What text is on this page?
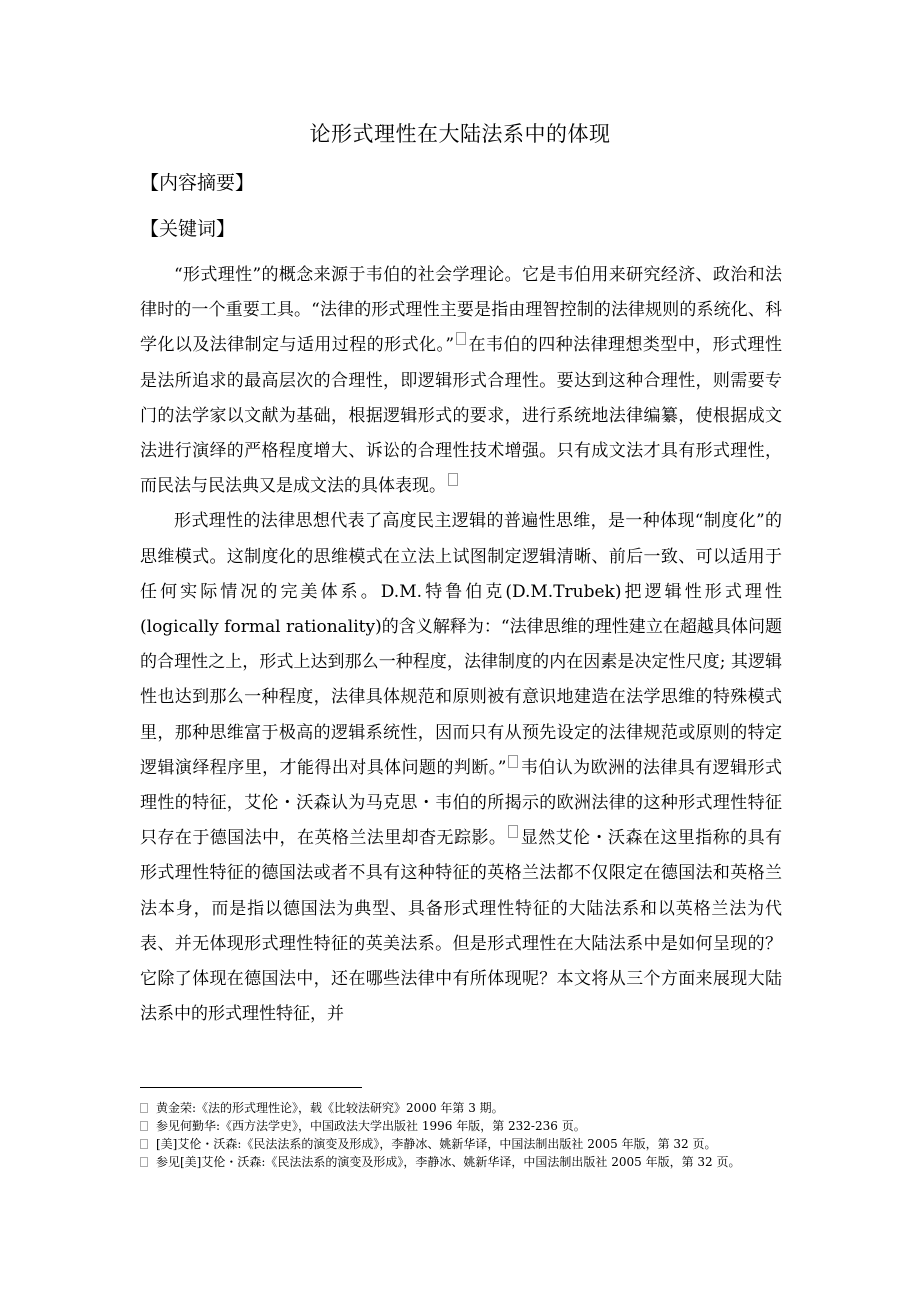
论形式理性在大陆法系中的体现
【内容摘要】
【关键词】

“形式理性”的概念来源于韦伯的社会学理论。它是韦伯用来研究经济、政治和法律时的一个重要工具。“法律的形式理性主要是指由理智控制的法律规则的系统化、科学化以及法律制定与适用过程的形式化。” 在韦伯的四种法律理想类型中，形式理性是法所追求的最高层次的合理性，即逻辑形式合理性。要达到这种合理性，则需要专门的法学家以文献为基础，根据逻辑形式的要求，进行系统地法律编纂，使根据成文法进行演绎的严格程度增大、诉讼的合理性技术增强。只有成文法才具有形式理性，而民法与民法典又是成文法的具体表现。

形式理性的法律思想代表了高度民主逻辑的普遍性思维，是一种体现“制度化”的思维模式。这制度化的思维模式在立法上试图制定逻辑清晰、前后一致、可以适用于任何实际情况的完美体系。D.M.特鲁伯克(D.M.Trubek)把逻辑性形式理性(logically formal rationality)的含义解释为：“法律思维的理性建立在超越具体问题的合理性之上，形式上达到那么一种程度，法律制度的内在因素是决定性尺度; 其逻辑性也达到那么一种程度，法律具体规范和原则被有意识地建造在法学思维的特殊模式里，那种思维富于极高的逻辑系统性，因而只有从预先设定的法律规范或原则的特定逻辑演绎程序里，才能得出对具体问题的判断。” 韦伯认为欧洲的法律具有逻辑形式理性的特征，艾伦・沃森认为马克思・韦伯的所揭示的欧洲法律的这种形式理性特征只存在于德国法中，在英格兰法里却杳无踪影。 显然艾伦・沃森在这里指称的具有形式理性特征的德国法或者不具有这种特征的英格兰法都不仅限定在德国法和英格兰法本身，而是指以德国法为典型、具备形式理性特征的大陆法系和以英格兰法为代表、并无体现形式理性特征的英美法系。但是形式理性在大陆法系中是如何呈现的？它除了体现在德国法中，还在哪些法律中有所体现呢？本文将从三个方面来展现大陆法系中的形式理性特征，并

黄金荣:《法的形式理性论》，载《比较法研究》2000 年第 3 期。
参见何勤华:《西方法学史》，中国政法大学出版社 1996 年版，第 232-236 页。
[美]艾伦・沃森:《民法法系的演变及形成》，李静冰、姚新华译，中国法制出版社 2005 年版，第 32 页。
参见[美]艾伦・沃森:《民法法系的演变及形成》，李静冰、姚新华译，中国法制出版社 2005 年版，第 32 页。
